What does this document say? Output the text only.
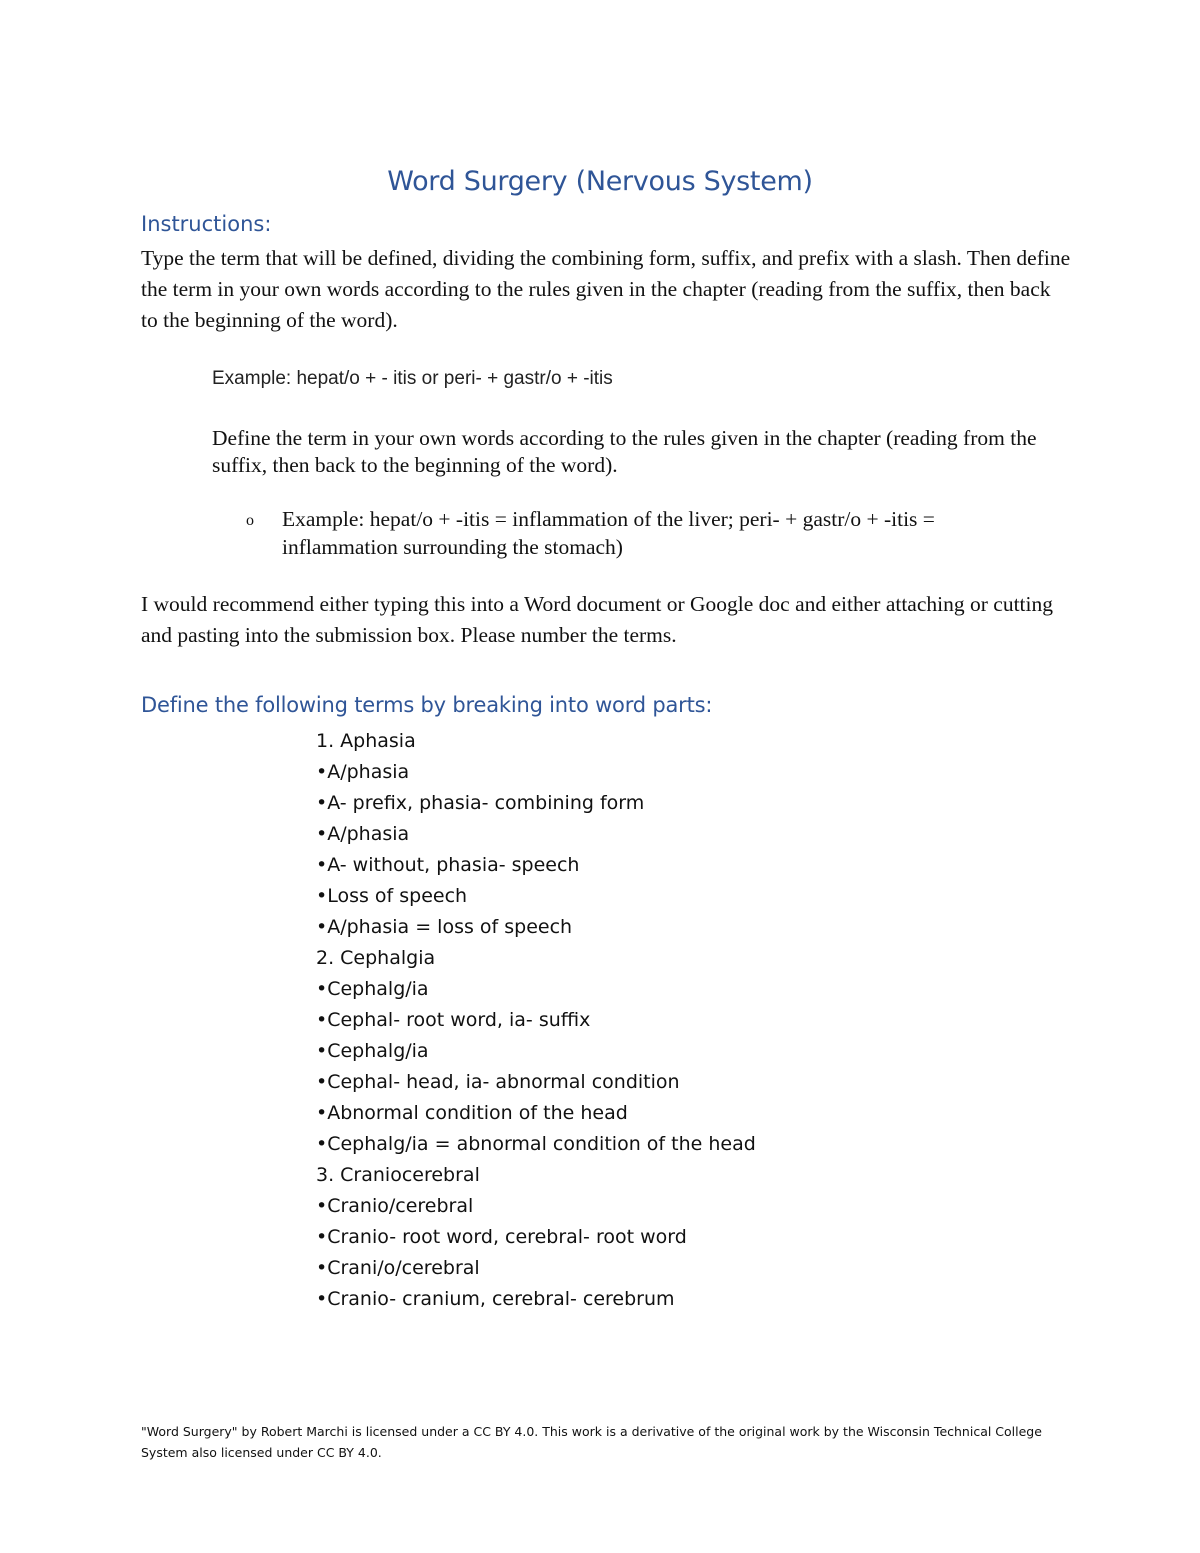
Word Surgery (Nervous System)
Instructions:
Type the term that will be defined, dividing the combining form, suffix, and prefix with a slash. Then define the term in your own words according to the rules given in the chapter (reading from the suffix, then back to the beginning of the word).
Example: hepat/o + - itis or peri- + gastr/o + -itis
Define the term in your own words according to the rules given in the chapter (reading from the suffix, then back to the beginning of the word).
o Example: hepat/o + -itis = inflammation of the liver; peri- + gastr/o + -itis = inflammation surrounding the stomach)
I would recommend either typing this into a Word document or Google doc and either attaching or cutting and pasting into the submission box. Please number the terms.
Define the following terms by breaking into word parts:
1. Aphasia
•A/phasia
•A- prefix, phasia- combining form
•A/phasia
•A- without, phasia- speech
•Loss of speech
•A/phasia = loss of speech
2. Cephalgia
•Cephalg/ia
•Cephal- root word, ia- suffix
•Cephalg/ia
•Cephal- head, ia- abnormal condition
•Abnormal condition of the head
•Cephalg/ia = abnormal condition of the head
3. Craniocerebral
•Cranio/cerebral
•Cranio- root word, cerebral- root word
•Crani/o/cerebral
•Cranio- cranium, cerebral- cerebrum
"Word Surgery" by Robert Marchi is licensed under a CC BY 4.0. This work is a derivative of the original work by the Wisconsin Technical College System also licensed under CC BY 4.0.
